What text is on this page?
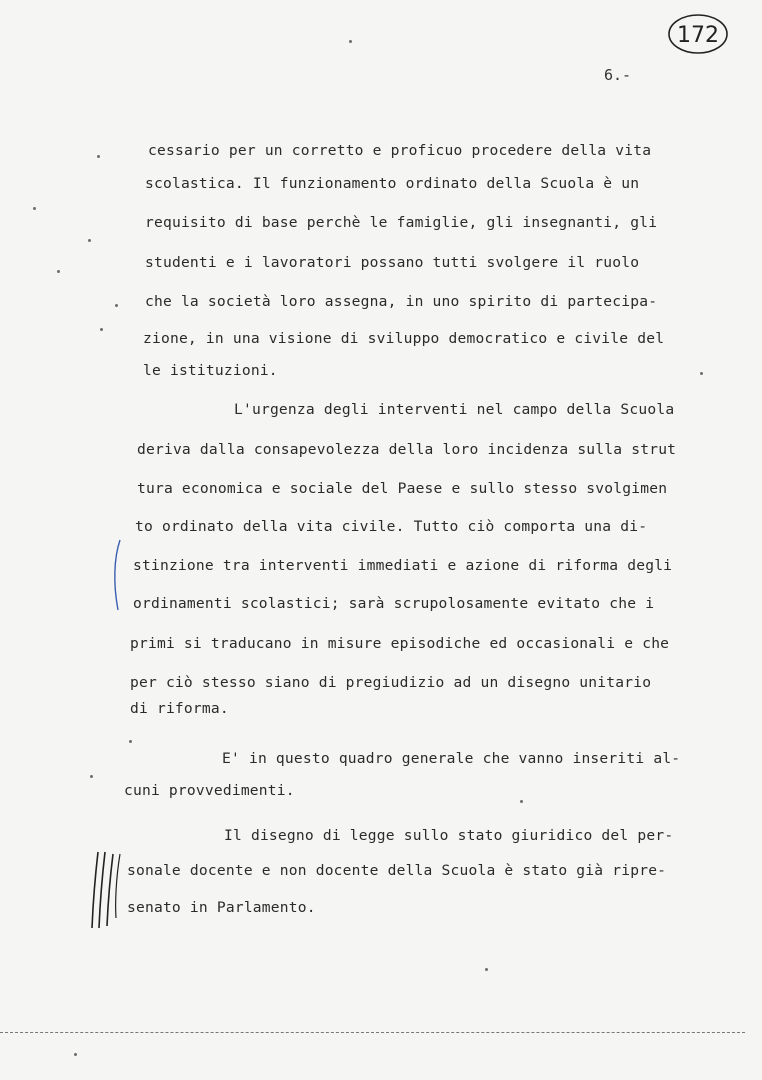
172
6.-
cessario per un corretto e proficuo procedere della vita
scolastica. Il funzionamento ordinato della Scuola è un
requisito di base perchè le famiglie, gli insegnanti, gli
studenti e i lavoratori possano tutti svolgere il ruolo
che la società loro assegna, in uno spirito di partecipa-
zione, in una visione di sviluppo democratico e civile del
le istituzioni.
L'urgenza degli interventi nel campo della Scuola
deriva dalla consapevolezza della loro incidenza sulla strut
tura economica e sociale del Paese e sullo stesso svolgimen
to ordinato della vita civile. Tutto ciò comporta una di-
stinzione tra interventi immediati e azione di riforma degli
ordinamenti scolastici; sarà scrupolosamente evitato che i
primi si traducano in misure episodiche ed occasionali e che
per ciò stesso siano di pregiudizio ad un disegno unitario
di riforma.
E' in questo quadro generale che vanno inseriti al-
cuni provvedimenti.
Il disegno di legge sullo stato giuridico del per-
sonale docente e non docente della Scuola è stato già ripre-
senato in Parlamento.
